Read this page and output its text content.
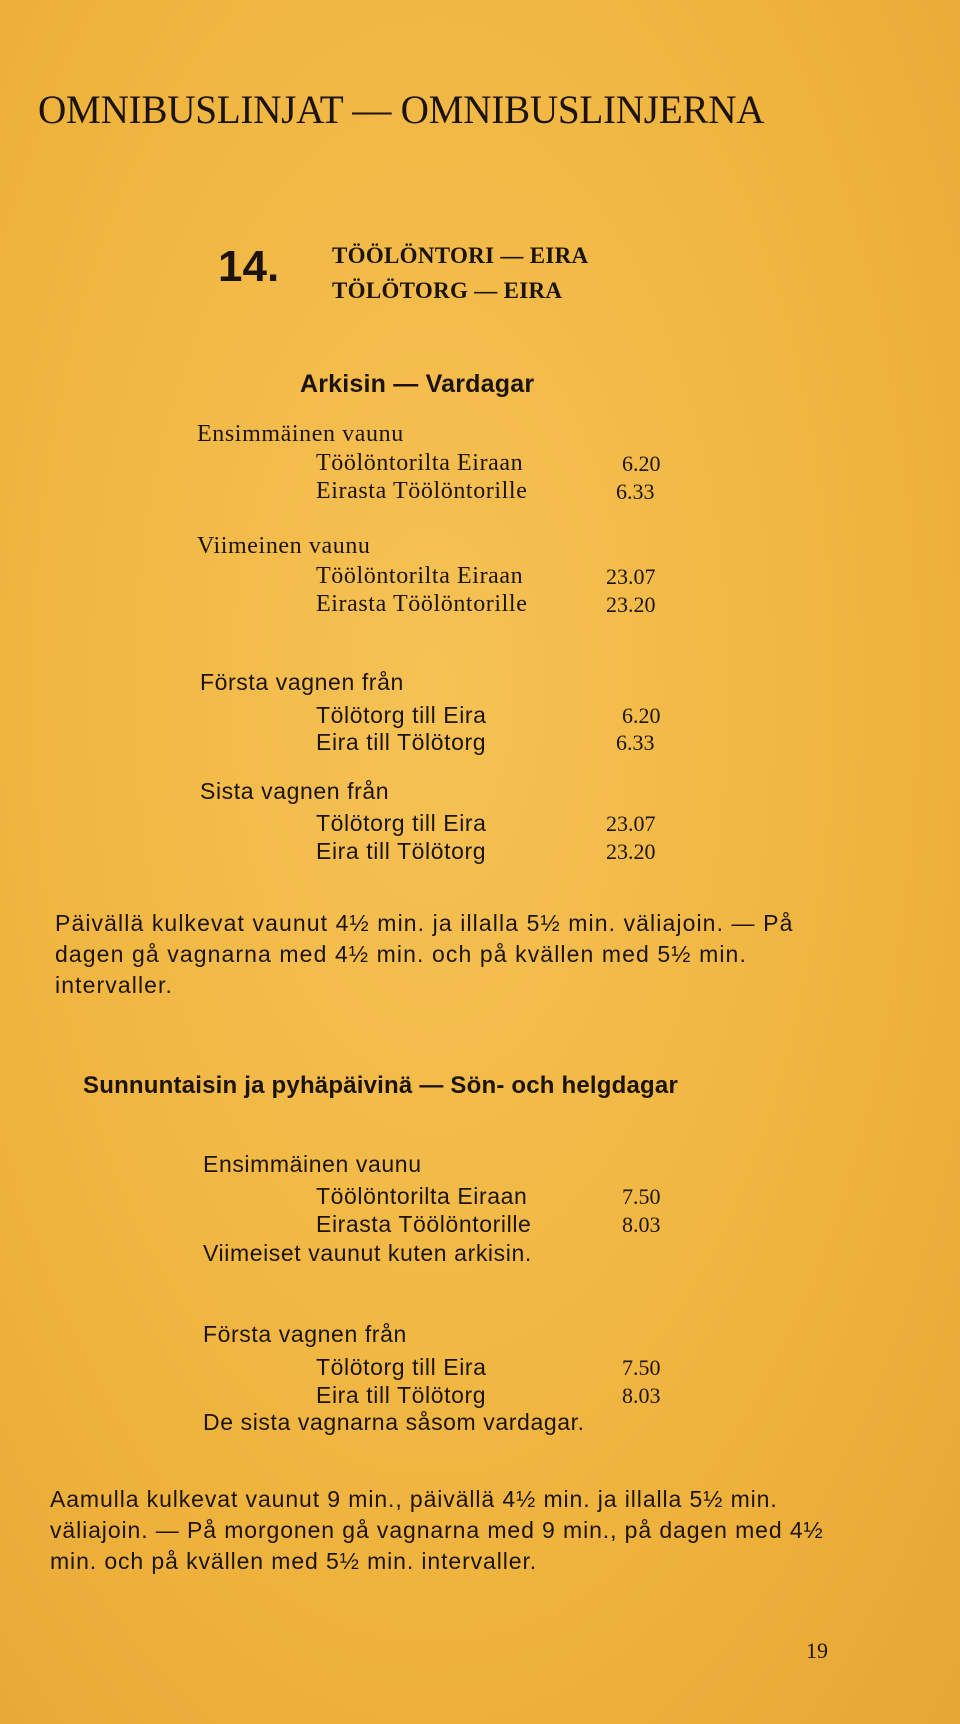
OMNIBUSLINJAT — OMNIBUSLINJERNA
14. TÖÖLÖNTORI — EIRA
TÖLÖTORG — EIRA
Arkisin — Vardagar
Ensimmäinen vaunu
Töölöntorilta Eiraan	6.20
Eirasta Töölöntorille	6.33
Viimeinen vaunu
Töölöntorilta Eiraan	23.07
Eirasta Töölöntorille	23.20
Första vagnen från
Tölötorg till Eira	6.20
Eira till Tölötorg	6.33
Sista vagnen från
Tölötorg till Eira	23.07
Eira till Tölötorg	23.20
Päivällä kulkevat vaunut 4½ min. ja illalla 5½ min. väliajoin. — På dagen gå vagnarna med 4½ min. och på kvällen med 5½ min. intervaller.
Sunnuntaisin ja pyhäpäivinä — Sön- och helgdagar
Ensimmäinen vaunu
Töölöntorilta Eiraan	7.50
Eirasta Töölöntorille	8.03
Viimeiset vaunut kuten arkisin.
Första vagnen från
Tölötorg till Eira	7.50
Eira till Tölötorg	8.03
De sista vagnarna såsom vardagar.
Aamulla kulkevat vaunut 9 min., päivällä 4½ min. ja illalla 5½ min. väliajoin. — På morgonen gå vagnarna med 9 min., på dagen med 4½ min. och på kvällen med 5½ min. intervaller.
19
